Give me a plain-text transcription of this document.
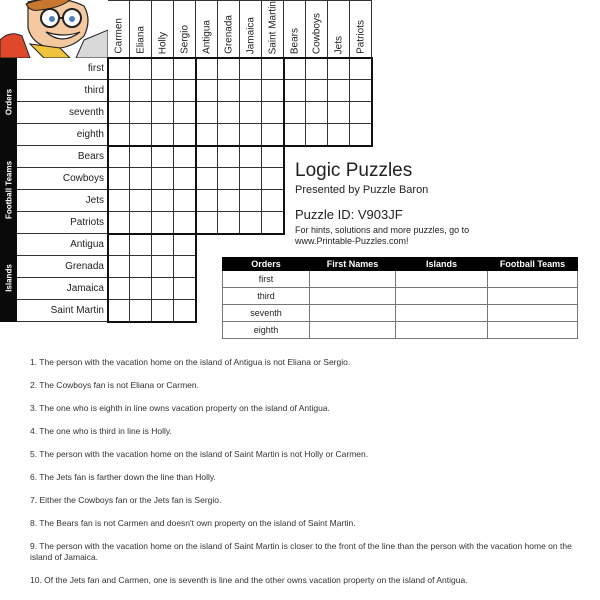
Carmen Eliana Holly Sergio Antigua Grenada Jamaica Saint Martin Bears Cowboys Jets Patriots
Orders
first
third
seventh
eighth
Football Teams
Bears
Cowboys
Jets
Patriots
Islands
Antigua
Grenada
Jamaica
Saint Martin
Logic Puzzles
Presented by Puzzle Baron
Puzzle ID: V903JF
For hints, solutions and more puzzles, go to
www.Printable-Puzzles.com!
Orders	First Names	Islands	Football Teams
first			
third			
seventh			
eighth			
1. The person with the vacation home on the island of Antigua is not Eliana or Sergio.
2. The Cowboys fan is not Eliana or Carmen.
3. The one who is eighth in line owns vacation property on the island of Antigua.
4. The one who is third in line is Holly.
5. The person with the vacation home on the island of Saint Martin is not Holly or Carmen.
6. The Jets fan is farther down the line than Holly.
7. Either the Cowboys fan or the Jets fan is Sergio.
8. The Bears fan is not Carmen and doesn't own property on the island of Saint Martin.
9. The person with the vacation home on the island of Saint Martin is closer to the front of the line than the person with the vacation home on the island of Jamaica.
10. Of the Jets fan and Carmen, one is seventh is line and the other owns vacation property on the island of Antigua.
